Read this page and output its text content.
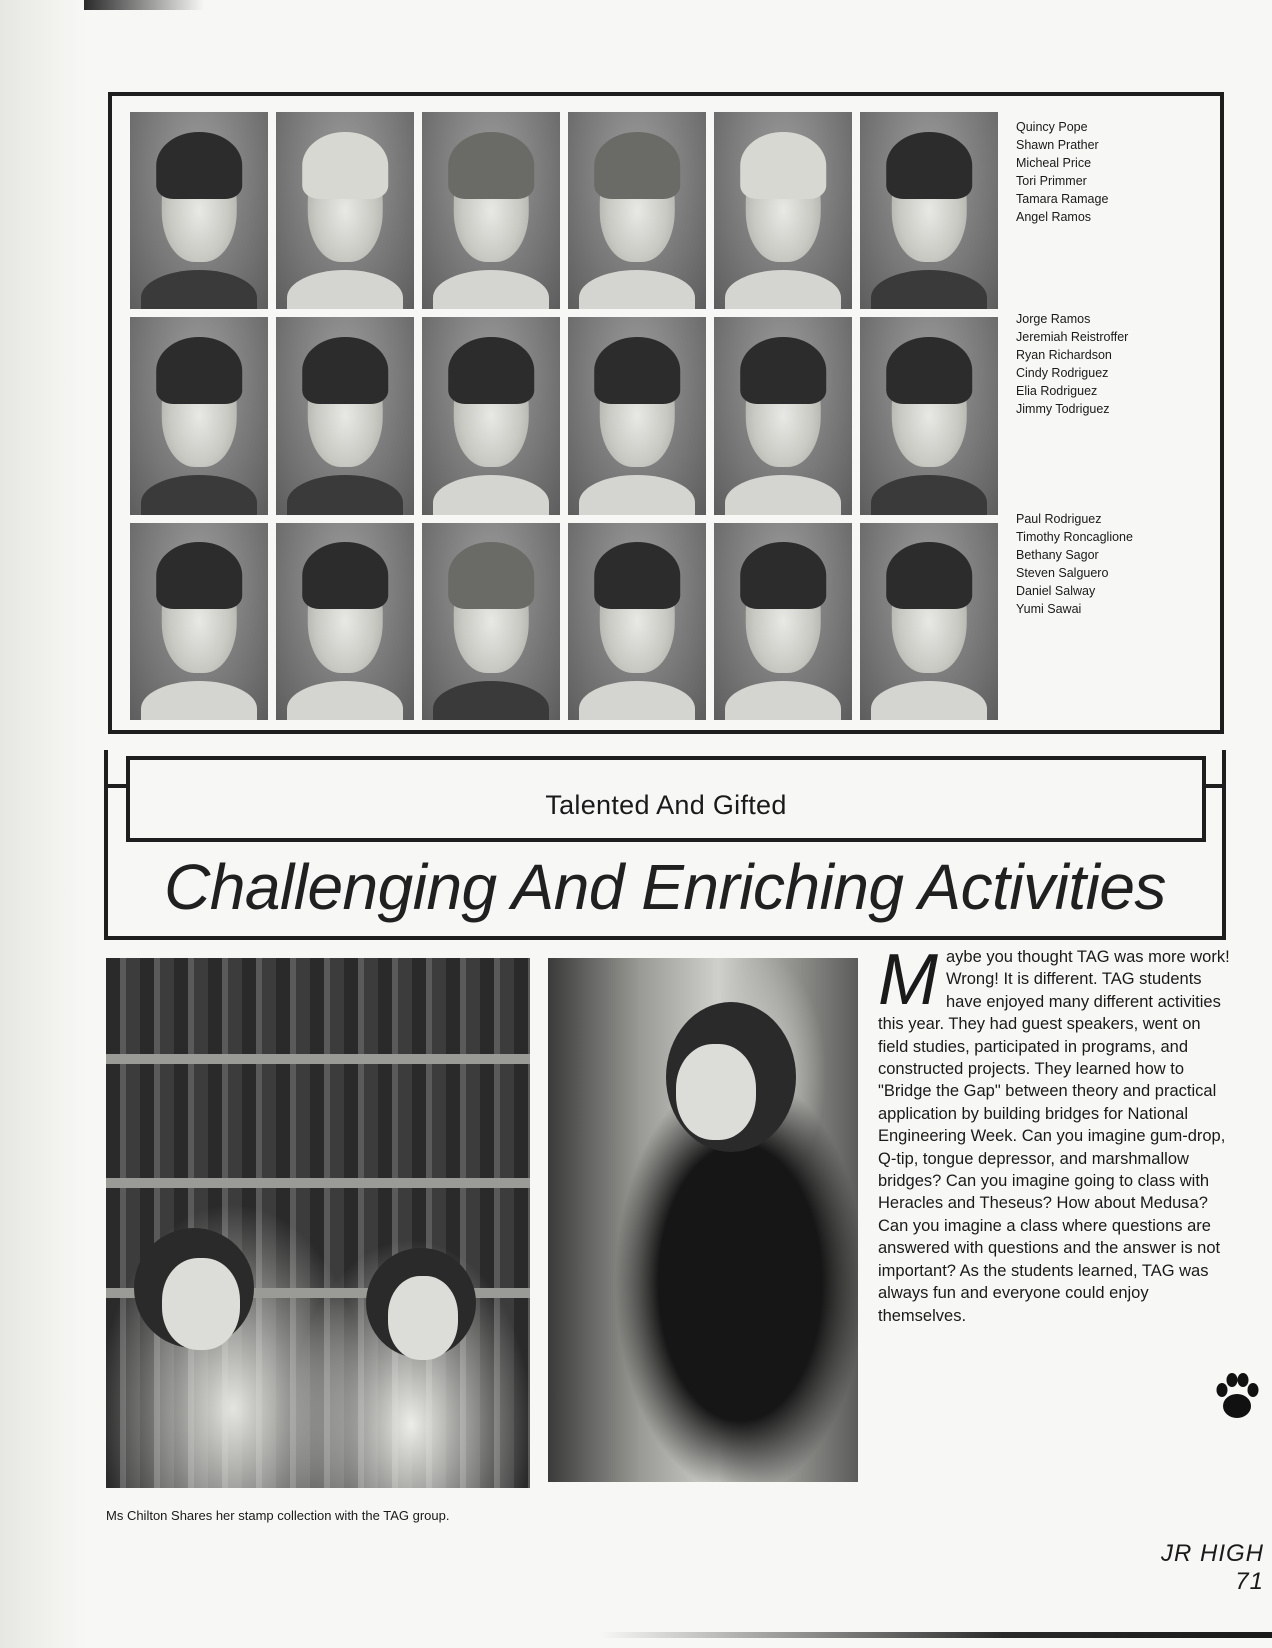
Quincy Pope
Shawn Prather
Micheal Price
Tori Primmer
Tamara Ramage
Angel Ramos
Jorge Ramos
Jeremiah Reistroffer
Ryan Richardson
Cindy Rodriguez
Elia Rodriguez
Jimmy Todriguez
Paul Rodriguez
Timothy Roncaglione
Bethany Sagor
Steven Salguero
Daniel Salway
Yumi Sawai
Talented And Gifted
Challenging And Enriching Activities
M aybe you thought TAG was more work! Wrong! It is different. TAG students have enjoyed many different activities this year. They had guest speakers, went on field studies, participated in programs, and constructed projects. They learned how to "Bridge the Gap" between theory and practical application by building bridges for National Engineering Week. Can you imagine gum-drop, Q-tip, tongue depressor, and marshmallow bridges? Can you imagine going to class with Heracles and Theseus? How about Medusa? Can you imagine a class where questions are answered with questions and the answer is not important? As the students learned, TAG was always fun and everyone could enjoy themselves.
Ms Chilton Shares her stamp collection with the TAG group.
JR HIGH 71
